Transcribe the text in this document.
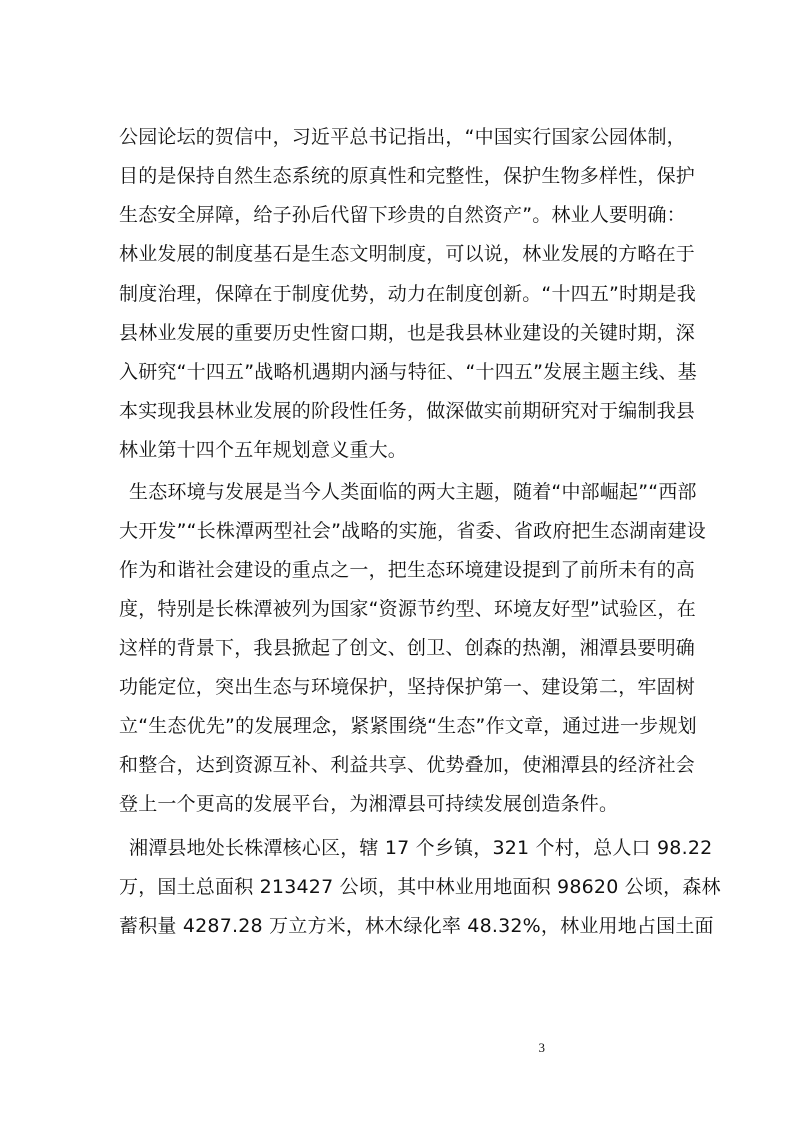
公园论坛的贺信中，习近平总书记指出，“中国实行国家公园体制，
目的是保持自然生态系统的原真性和完整性，保护生物多样性，保护
生态安全屏障，给子孙后代留下珍贵的自然资产”。林业人要明确：
林业发展的制度基石是生态文明制度，可以说，林业发展的方略在于
制度治理，保障在于制度优势，动力在制度创新。“十四五”时期是我
县林业发展的重要历史性窗口期，也是我县林业建设的关键时期，深
入研究“十四五”战略机遇期内涵与特征、“十四五”发展主题主线、基
本实现我县林业发展的阶段性任务，做深做实前期研究对于编制我县
林业第十四个五年规划意义重大。
生态环境与发展是当今人类面临的两大主题，随着“中部崛起”“西部
大开发”“长株潭两型社会”战略的实施，省委、省政府把生态湖南建设
作为和谐社会建设的重点之一，把生态环境建设提到了前所未有的高
度，特别是长株潭被列为国家“资源节约型、环境友好型”试验区，在
这样的背景下，我县掀起了创文、创卫、创森的热潮，湘潭县要明确
功能定位，突出生态与环境保护，坚持保护第一、建设第二，牢固树
立“生态优先”的发展理念，紧紧围绕“生态”作文章，通过进一步规划
和整合，达到资源互补、利益共享、优势叠加，使湘潭县的经济社会
登上一个更高的发展平台，为湘潭县可持续发展创造条件。
湘潭县地处长株潭核心区，辖 17 个乡镇，321 个村，总人口 98.22
万，国土总面积 213427 公顷，其中林业用地面积 98620 公顷，森林
蓄积量 4287.28 万立方米，林木绿化率 48.32%，林业用地占国土面
3
